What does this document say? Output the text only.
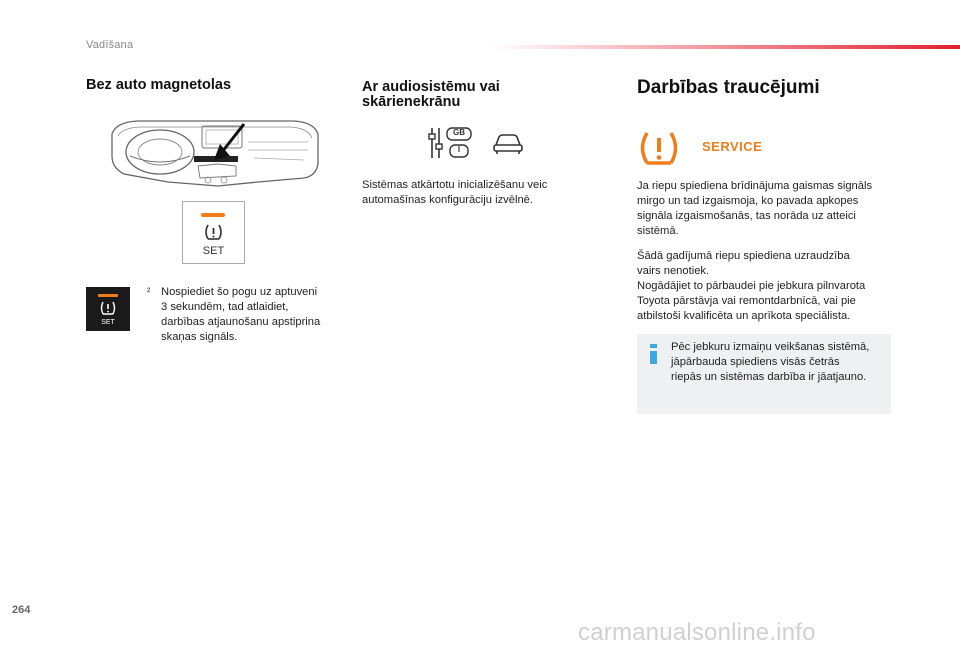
Vadīšana
Bez auto magnetolas
SET
SET
² Nospiediet šo pogu uz aptuveni
3 sekundēm, tad atlaidiet,
darbības atjaunošanu apstiprina
skaņas signāls.
Ar audiosistēmu vai
skārienekrānu
GB
I
Sistēmas atkārtotu inicializēšanu veic
automašīnas konfigurāciju izvēlnē.
Darbības traucējumi
SERVICE
Ja riepu spiediena brīdinājuma gaismas signāls
mirgo un tad izgaismoja, ko pavada apkopes
signāla izgaismošanās, tas norāda uz atteici
sistēmā.
Šādā gadījumā riepu spiediena uzraudzība
vairs nenotiek.
Nogādājiet to pārbaudei pie jebkura pilnvarota
Toyota pārstāvja vai remontdarbnīcā, vai pie
atbilstoši kvalificēta un aprīkota speciālista.
Pēc jebkuru izmaiņu veikšanas sistēmā,
jāpārbauda spiediens visās četrās
riepās un sistēmas darbība ir jāatjauno.
264
carmanualsonline.info
